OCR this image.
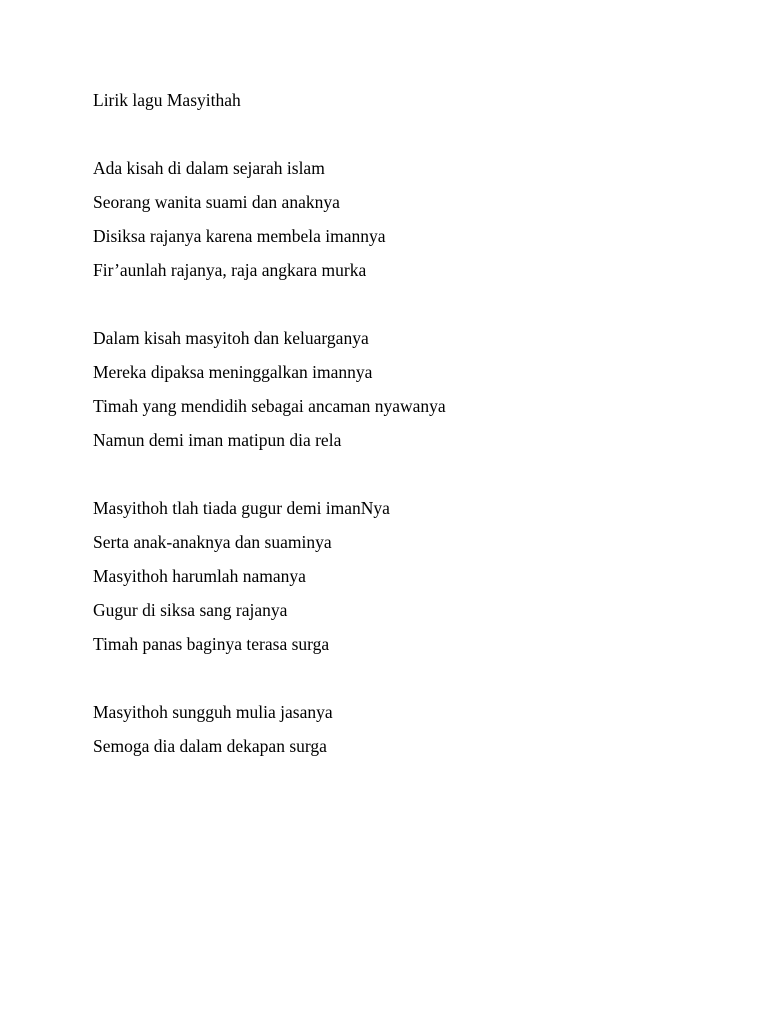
Lirik lagu Masyithah
Ada kisah di dalam sejarah islam
Seorang wanita suami dan anaknya
Disiksa rajanya karena membela imannya
Fir’aunlah rajanya, raja angkara murka
Dalam kisah masyitoh dan keluarganya
Mereka dipaksa meninggalkan imannya
Timah yang mendidih sebagai ancaman nyawanya
Namun demi iman matipun dia rela
Masyithoh tlah tiada gugur demi imanNya
Serta anak-anaknya dan suaminya
Masyithoh harumlah namanya
Gugur di siksa sang rajanya
Timah panas baginya terasa surga
Masyithoh sungguh mulia jasanya
Semoga dia dalam dekapan surga
